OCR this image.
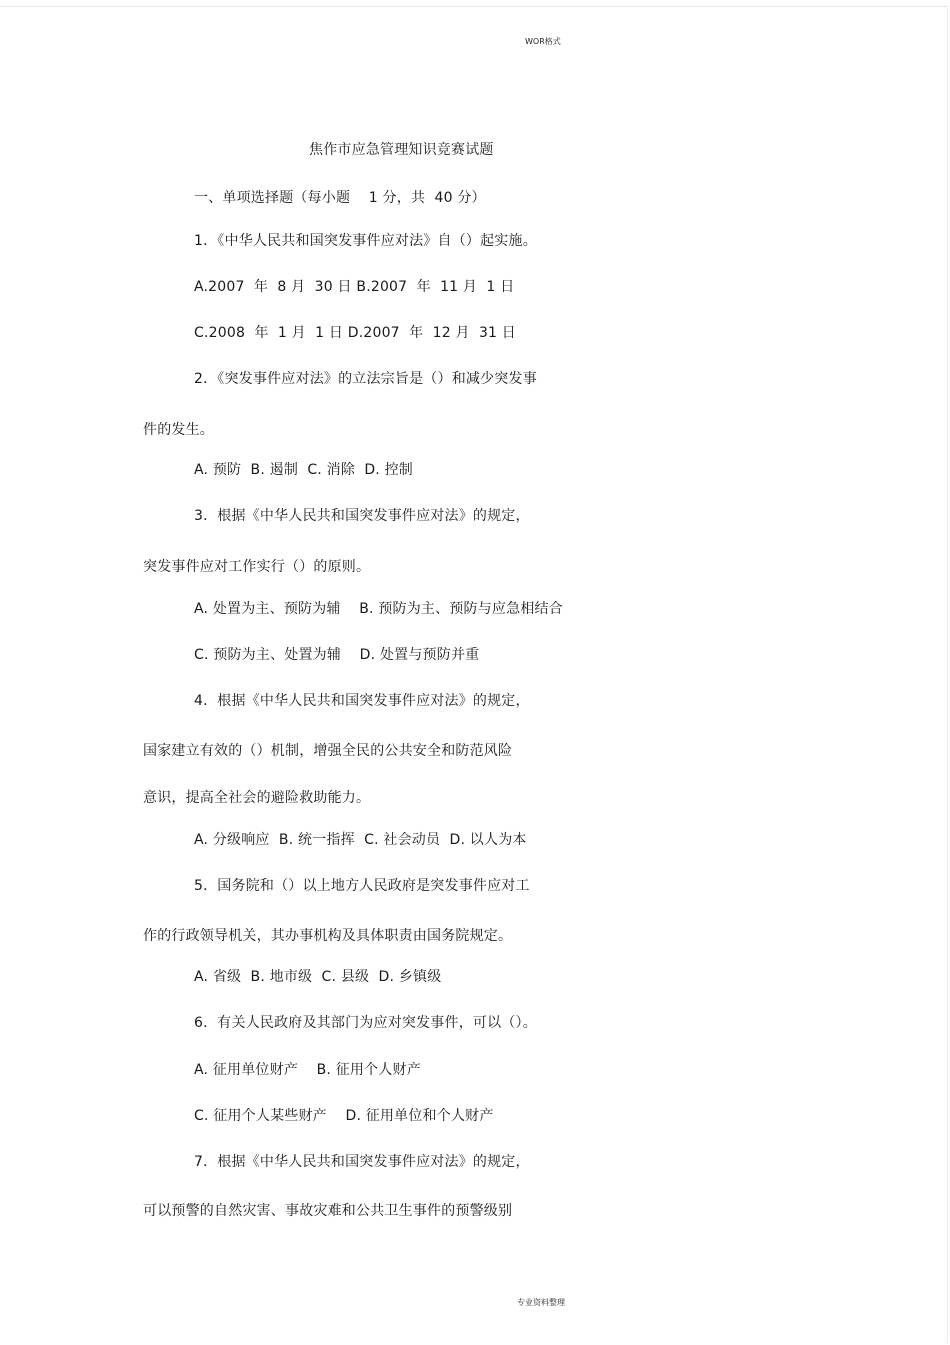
WOR格式
焦作市应急管理知识竞赛试题
一、单项选择题（每小题    1 分，共  40 分）
1．《中华人民共和国突发事件应对法》自（）起实施。
A.2007  年  8 月  30 日 B.2007  年  11 月  1 日
C.2008  年  1 月  1 日 D.2007  年  12 月  31 日
2．《突发事件应对法》的立法宗旨是（）和减少突发事
件的发生。
A. 预防  B. 遏制  C. 消除  D. 控制
3．根据《中华人民共和国突发事件应对法》的规定，
突发事件应对工作实行（）的原则。
A. 处置为主、预防为辅    B. 预防为主、预防与应急相结合
C. 预防为主、处置为辅    D. 处置与预防并重
4．根据《中华人民共和国突发事件应对法》的规定，
国家建立有效的（）机制，增强全民的公共安全和防范风险
意识，提高全社会的避险救助能力。
A. 分级响应  B. 统一指挥  C. 社会动员  D. 以人为本
5．国务院和（）以上地方人民政府是突发事件应对工
作的行政领导机关，其办事机构及具体职责由国务院规定。
A. 省级  B. 地市级  C. 县级  D. 乡镇级
6．有关人民政府及其部门为应对突发事件，可以（）。
A. 征用单位财产    B. 征用个人财产
C. 征用个人某些财产    D. 征用单位和个人财产
7．根据《中华人民共和国突发事件应对法》的规定，
可以预警的自然灾害、事故灾难和公共卫生事件的预警级别
专业资料整理
